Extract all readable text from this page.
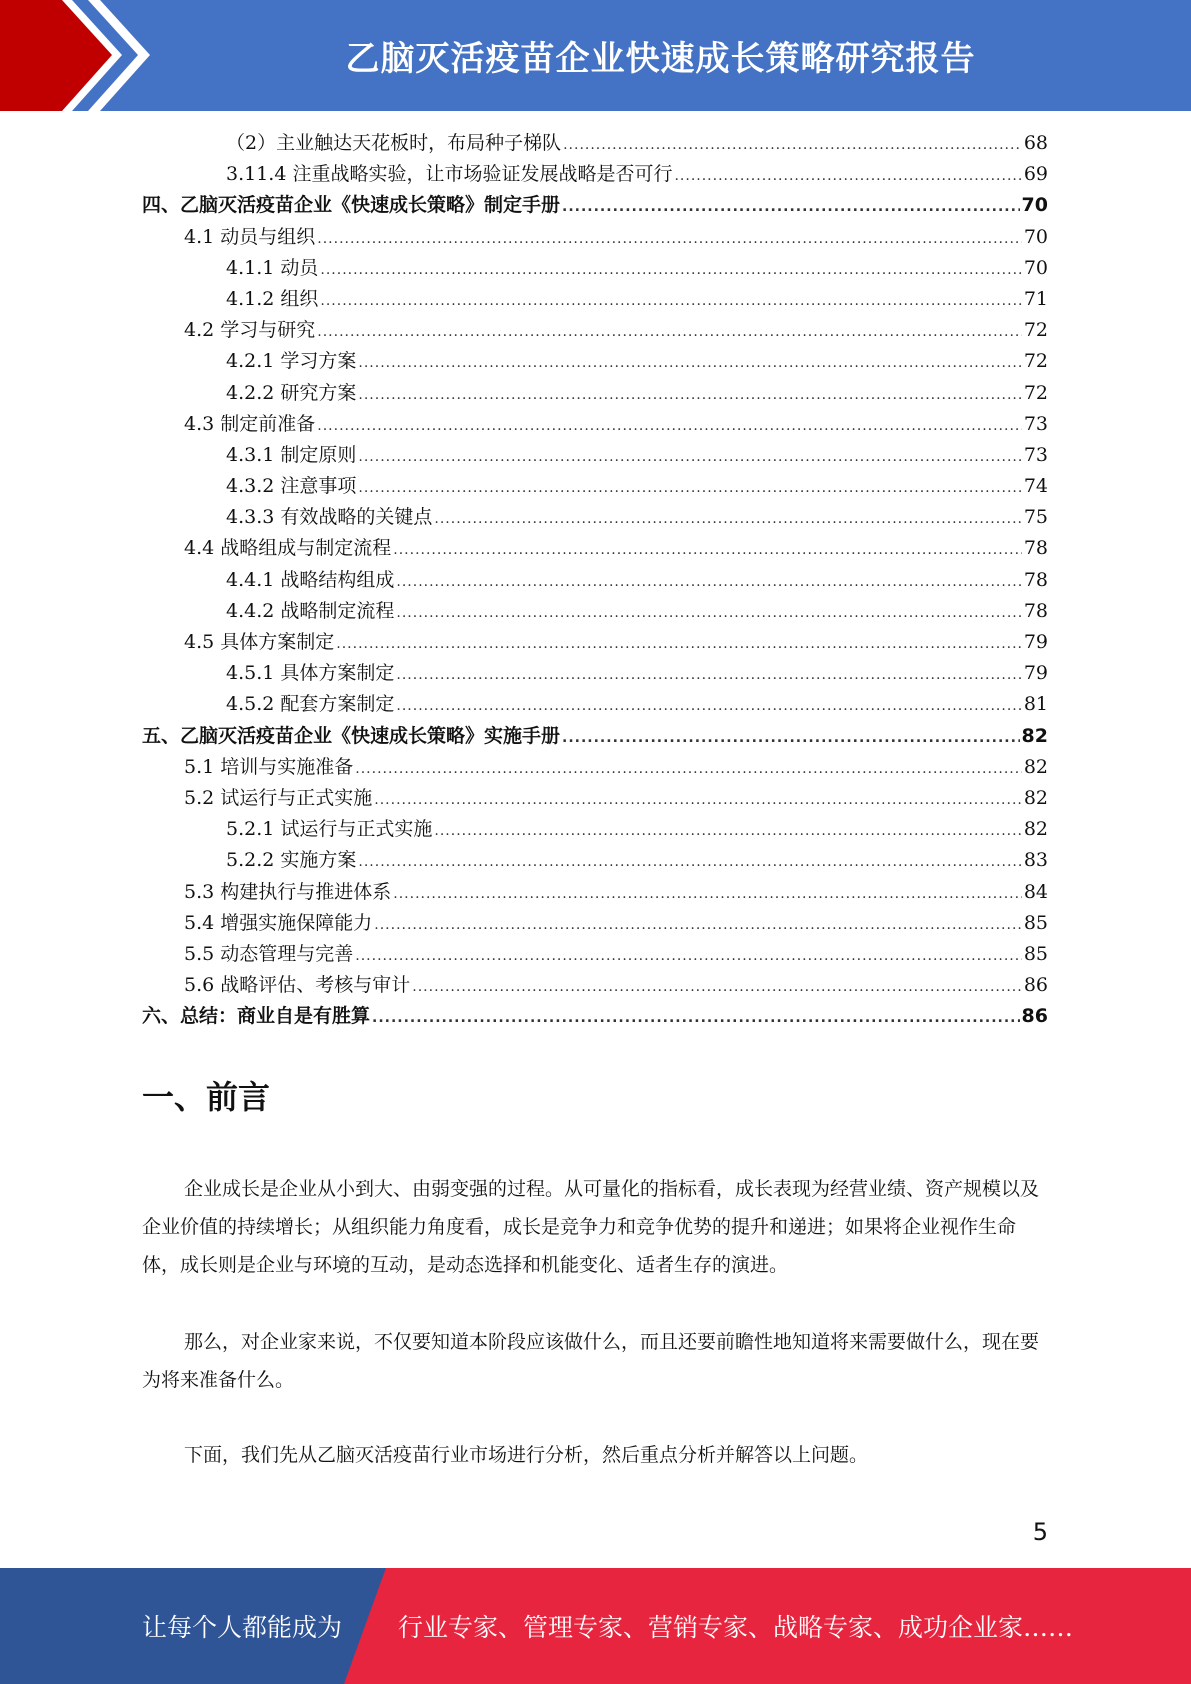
乙脑灭活疫苗企业快速成长策略研究报告
（2）主业触达天花板时，布局种子梯队 .....	68
3.11.4 注重战略实验，让市场验证发展战略是否可行 .....	69
四、乙脑灭活疫苗企业《快速成长策略》制定手册 .....	70
4.1 动员与组织 .....	70
4.1.1 动员 .....	70
4.1.2 组织 .....	71
4.2 学习与研究 .....	72
4.2.1 学习方案 .....	72
4.2.2 研究方案 .....	72
4.3 制定前准备 .....	73
4.3.1 制定原则 .....	73
4.3.2 注意事项 .....	74
4.3.3 有效战略的关键点 .....	75
4.4 战略组成与制定流程 .....	78
4.4.1 战略结构组成 .....	78
4.4.2 战略制定流程 .....	78
4.5 具体方案制定 .....	79
4.5.1 具体方案制定 .....	79
4.5.2 配套方案制定 .....	81
五、乙脑灭活疫苗企业《快速成长策略》实施手册 .....	82
5.1 培训与实施准备 .....	82
5.2 试运行与正式实施 .....	82
5.2.1 试运行与正式实施 .....	82
5.2.2 实施方案 .....	83
5.3 构建执行与推进体系 .....	84
5.4 增强实施保障能力 .....	85
5.5 动态管理与完善 .....	85
5.6 战略评估、考核与审计 .....	86
六、总结：商业自是有胜算 .....	86
一、前言

企业成长是企业从小到大、由弱变强的过程。从可量化的指标看，成长表现为经营业绩、资产规模以及企业价值的持续增长；从组织能力角度看，成长是竞争力和竞争优势的提升和递进；如果将企业视作生命体，成长则是企业与环境的互动，是动态选择和机能变化、适者生存的演进。

那么，对企业家来说，不仅要知道本阶段应该做什么，而且还要前瞻性地知道将来需要做什么，现在要为将来准备什么。

下面，我们先从乙脑灭活疫苗行业市场进行分析，然后重点分析并解答以上问题。

5
让每个人都能成为 行业专家、管理专家、营销专家、战略专家、成功企业家……
